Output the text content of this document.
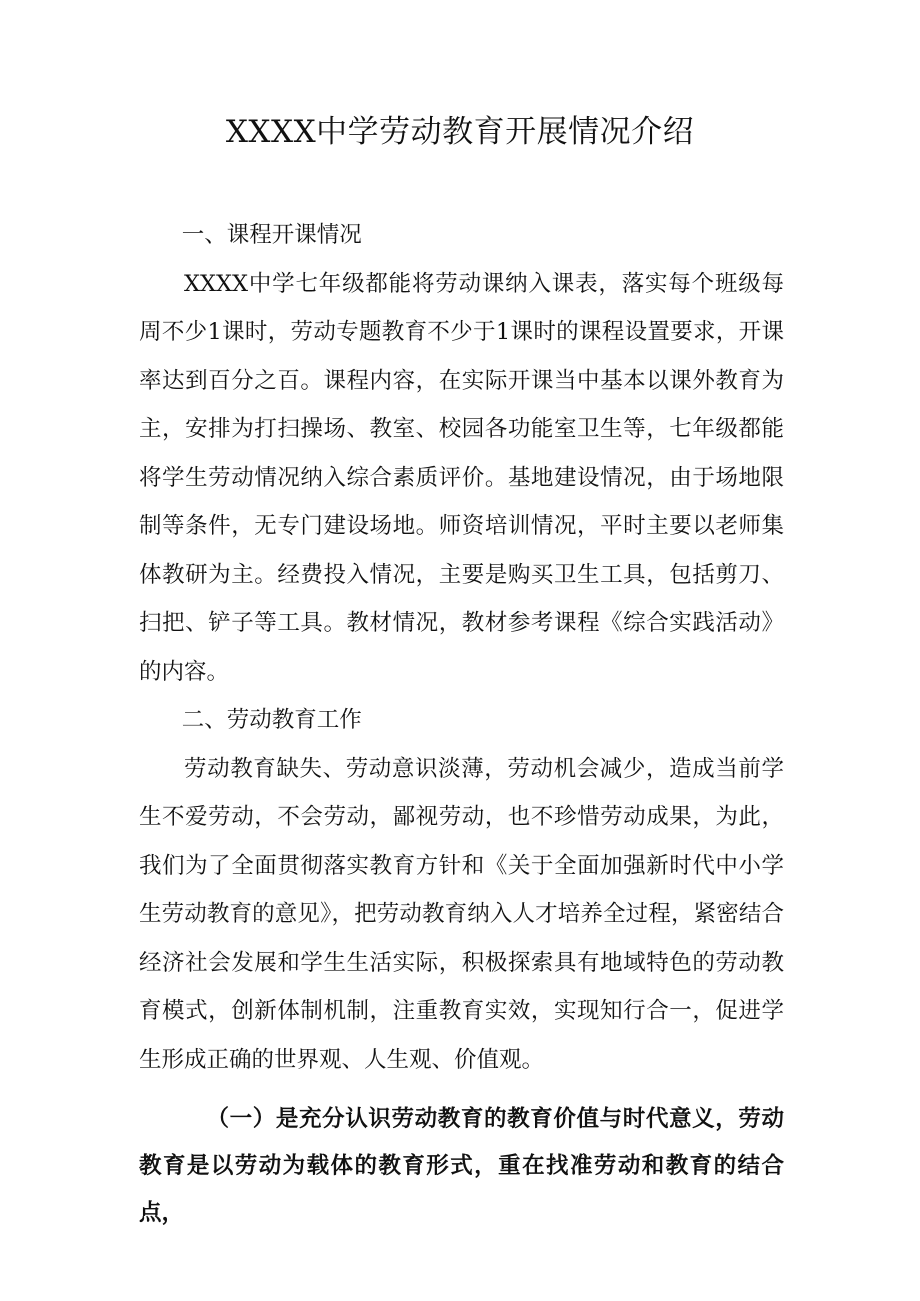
XXXX中学劳动教育开展情况介绍

一、课程开课情况

XXXX中学七年级都能将劳动课纳入课表，落实每个班级每周不少1课时，劳动专题教育不少于1课时的课程设置要求，开课率达到百分之百。课程内容，在实际开课当中基本以课外教育为主，安排为打扫操场、教室、校园各功能室卫生等，七年级都能将学生劳动情况纳入综合素质评价。基地建设情况，由于场地限制等条件，无专门建设场地。师资培训情况，平时主要以老师集体教研为主。经费投入情况，主要是购买卫生工具，包括剪刀、扫把、铲子等工具。教材情况，教材参考课程《综合实践活动》的内容。

二、劳动教育工作

劳动教育缺失、劳动意识淡薄，劳动机会减少，造成当前学生不爱劳动，不会劳动，鄙视劳动，也不珍惜劳动成果，为此，我们为了全面贯彻落实教育方针和《关于全面加强新时代中小学生劳动教育的意见》，把劳动教育纳入人才培养全过程，紧密结合经济社会发展和学生生活实际，积极探索具有地域特色的劳动教育模式，创新体制机制，注重教育实效，实现知行合一，促进学生形成正确的世界观、人生观、价值观。

（一）是充分认识劳动教育的教育价值与时代意义，劳动教育是以劳动为载体的教育形式，重在找准劳动和教育的结合点，
